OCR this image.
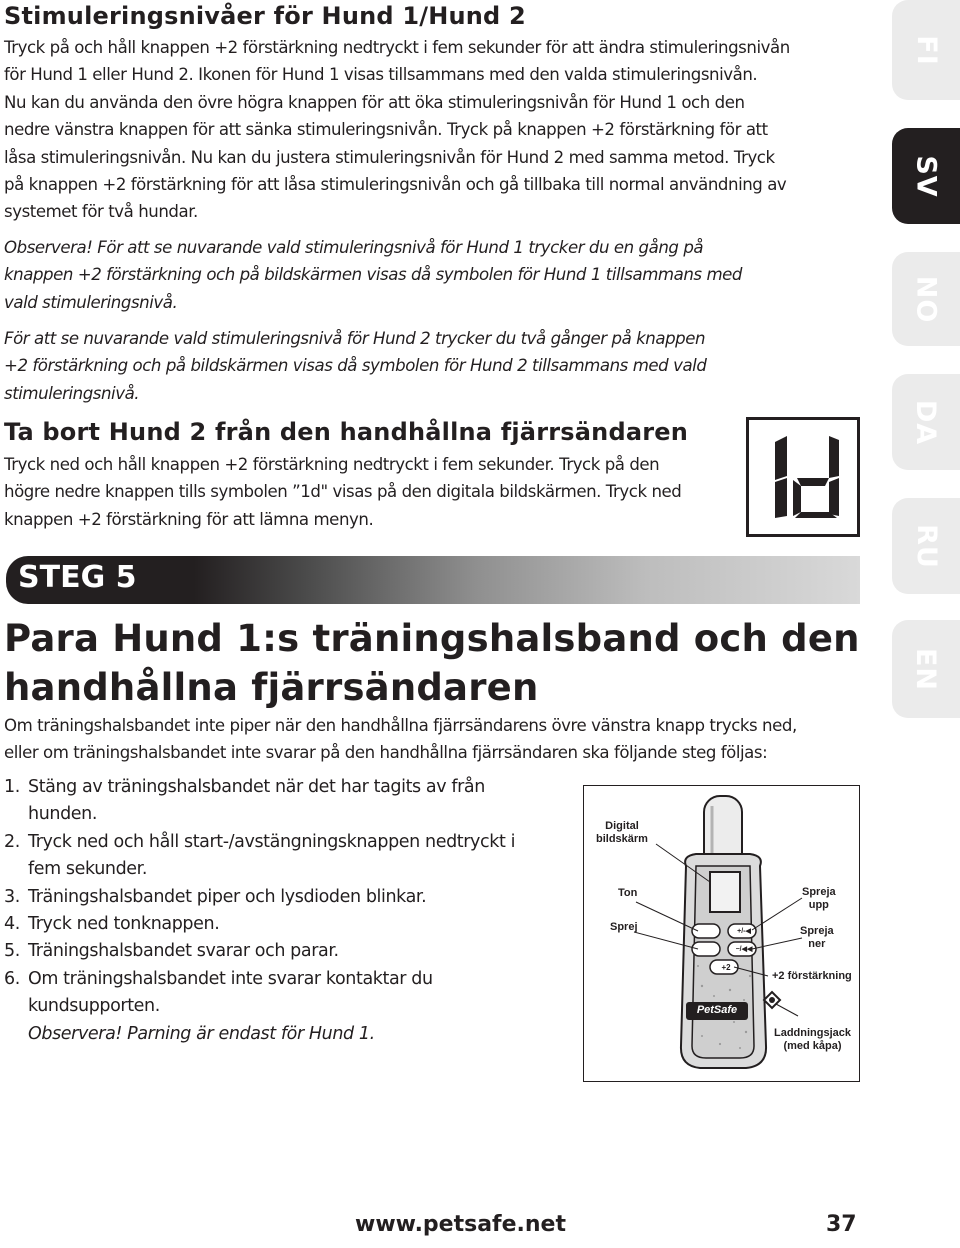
Stimuleringsnivåer för Hund 1/Hund 2

Tryck på och håll knappen +2 förstärkning nedtryckt i fem sekunder för att ändra stimuleringsnivån
för Hund 1 eller Hund 2. Ikonen för Hund 1 visas tillsammans med den valda stimuleringsnivån.
Nu kan du använda den övre högra knappen för att öka stimuleringsnivån för Hund 1 och den
nedre vänstra knappen för att sänka stimuleringsnivån. Tryck på knappen +2 förstärkning för att
låsa stimuleringsnivån. Nu kan du justera stimuleringsnivån för Hund 2 med samma metod. Tryck
på knappen +2 förstärkning för att låsa stimuleringsnivån och gå tillbaka till normal användning av
systemet för två hundar.

Observera! För att se nuvarande vald stimuleringsnivå för Hund 1 trycker du en gång på
knappen +2 förstärkning och på bildskärmen visas då symbolen för Hund 1 tillsammans med
vald stimuleringsnivå.

För att se nuvarande vald stimuleringsnivå för Hund 2 trycker du två gånger på knappen
+2 förstärkning och på bildskärmen visas då symbolen för Hund 2 tillsammans med vald
stimuleringsnivå.

Ta bort Hund 2 från den handhållna fjärrsändaren

Tryck ned och håll knappen +2 förstärkning nedtryckt i fem sekunder. Tryck på den
högre nedre knappen tills symbolen ”1d" visas på den digitala bildskärmen. Tryck ned
knappen +2 förstärkning för att lämna menyn.

STEG 5
Para Hund 1:s träningshalsband och den
handhållna fjärrsändaren

Om träningshalsbandet inte piper när den handhållna fjärrsändarens övre vänstra knapp trycks ned,
eller om träningshalsbandet inte svarar på den handhållna fjärrsändaren ska följande steg följas:

1. Stäng av träningshalsbandet när det har tagits av från
hunden.
2. Tryck ned och håll start-/avstängningsknappen nedtryckt i
fem sekunder.
3. Träningshalsbandet piper och lysdioden blinkar.
4. Tryck ned tonknappen.
5. Träningshalsbandet svarar och parar.
6. Om träningshalsbandet inte svarar kontaktar du
kundsupporten.
Observera! Parning är endast för Hund 1.
Digital
bildskärm
Ton
Sprej
Spreja
upp
Spreja
ner
+2 förstärkning
Laddningsjack
(med kåpa)
+/-◀
−/◀◀
+2
PetSafe
FI
SV
NO
DA
RU
EN
www.petsafe.net	37
